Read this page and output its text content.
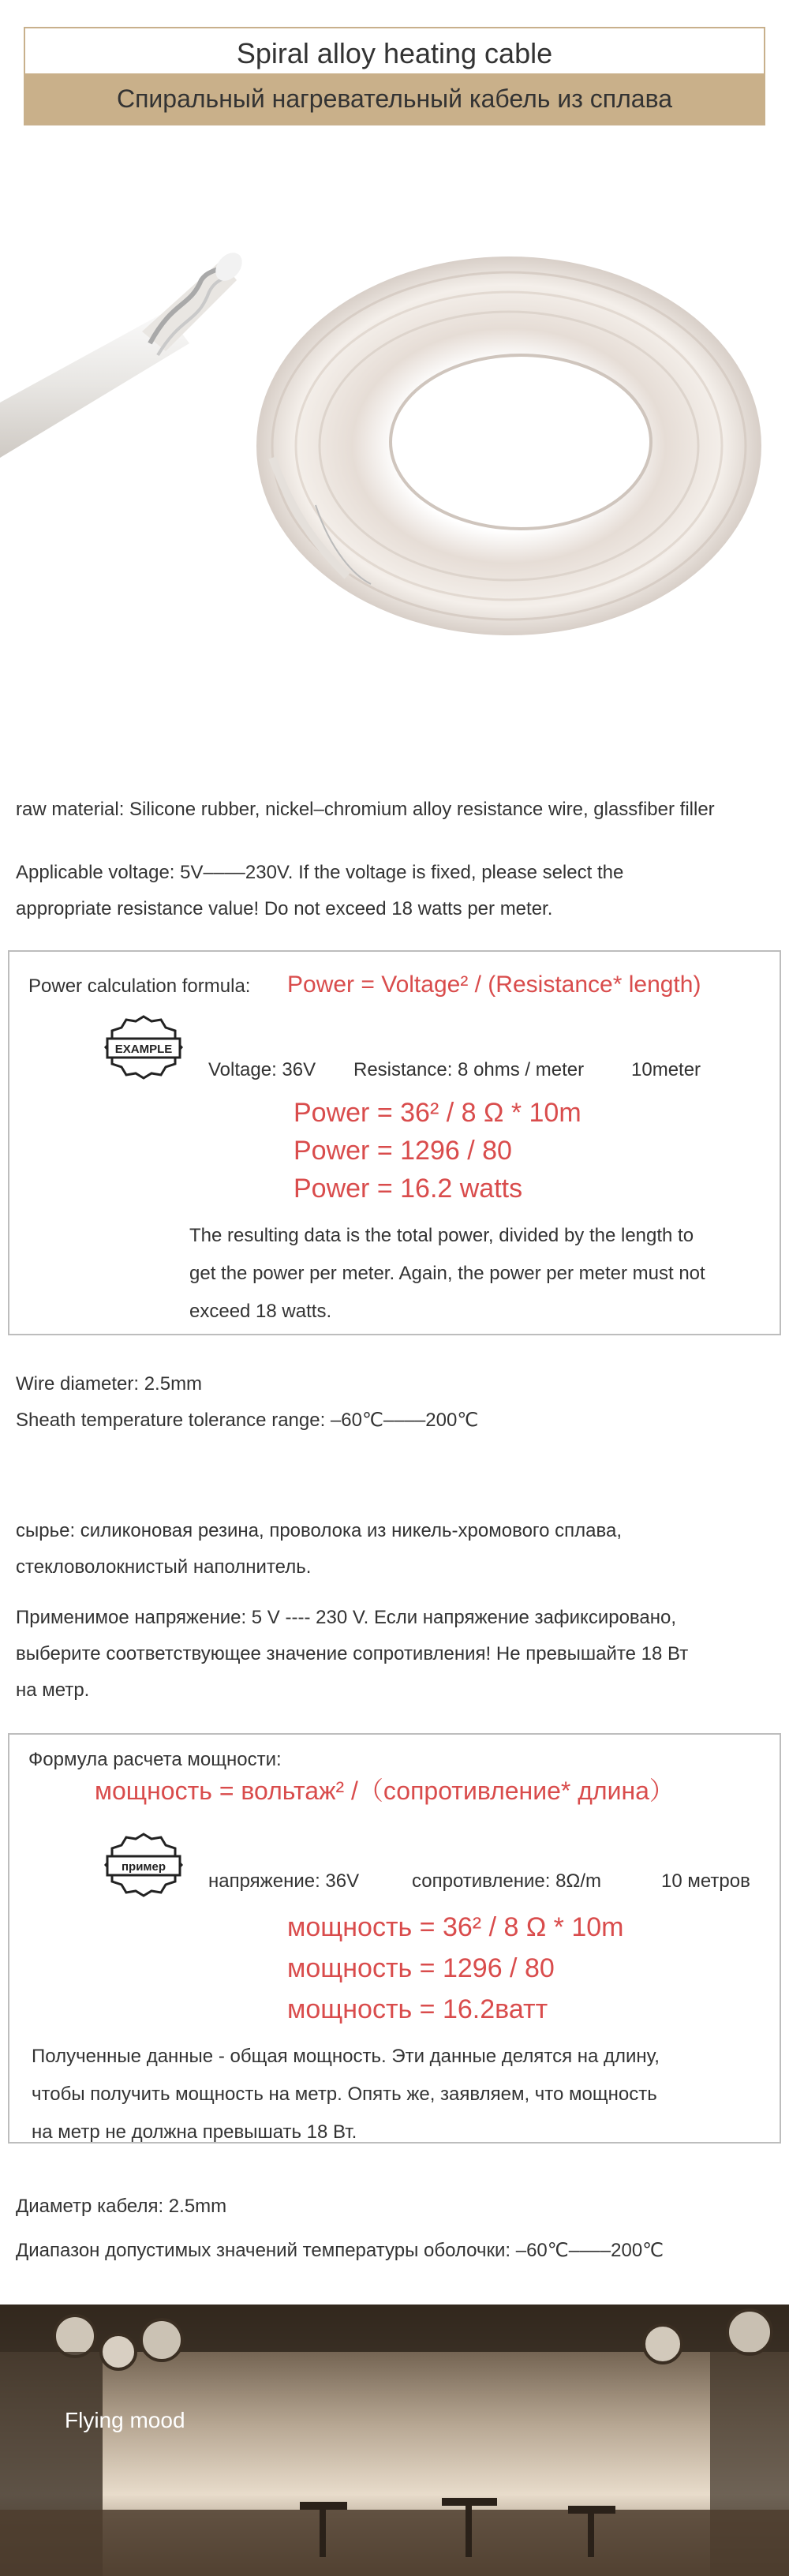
Spiral alloy heating cable
Спиральный нагревательный кабель из сплава
raw material: Silicone rubber, nickel–chromium alloy resistance wire, glassfiber filler
Applicable voltage: 5V––––230V. If the voltage is fixed, please select the
appropriate resistance value! Do not exceed 18 watts per meter.
Power calculation formula: Power = Voltage² / (Resistance* length)
EXAMPLE
Voltage: 36V Resistance: 8 ohms / meter 10meter
Power = 36² / 8 Ω * 10m
Power = 1296 / 80
Power = 16.2 watts
The resulting data is the total power, divided by the length to
get the power per meter. Again, the power per meter must not
exceed 18 watts.
Wire diameter: 2.5mm
Sheath temperature tolerance range: –60℃––––200℃
сырье: силиконовая резина, проволока из никель-хромового сплава,
стекловолокнистый наполнитель.
Применимое напряжение: 5 V ---- 230 V. Если напряжение зафиксировано,
выберите соответствующее значение сопротивления! Не превышайте 18 Вт
на метр.
Формула расчета мощности:
мощность = вольтаж² /（сопротивление* длина）
пример
напряжение: 36V	сопротивление: 8Ω/m	10 метров
мощность = 36² / 8 Ω * 10m
мощность = 1296 / 80
мощность = 16.2ватт
Полученные данные - общая мощность. Эти данные делятся на длину,
чтобы получить мощность на метр. Опять же, заявляем, что мощность
на метр не должна превышать 18 Вт.
Диаметр кабеля: 2.5mm
Диапазон допустимых значений температуры оболочки: –60℃––––200℃
Flying mood
